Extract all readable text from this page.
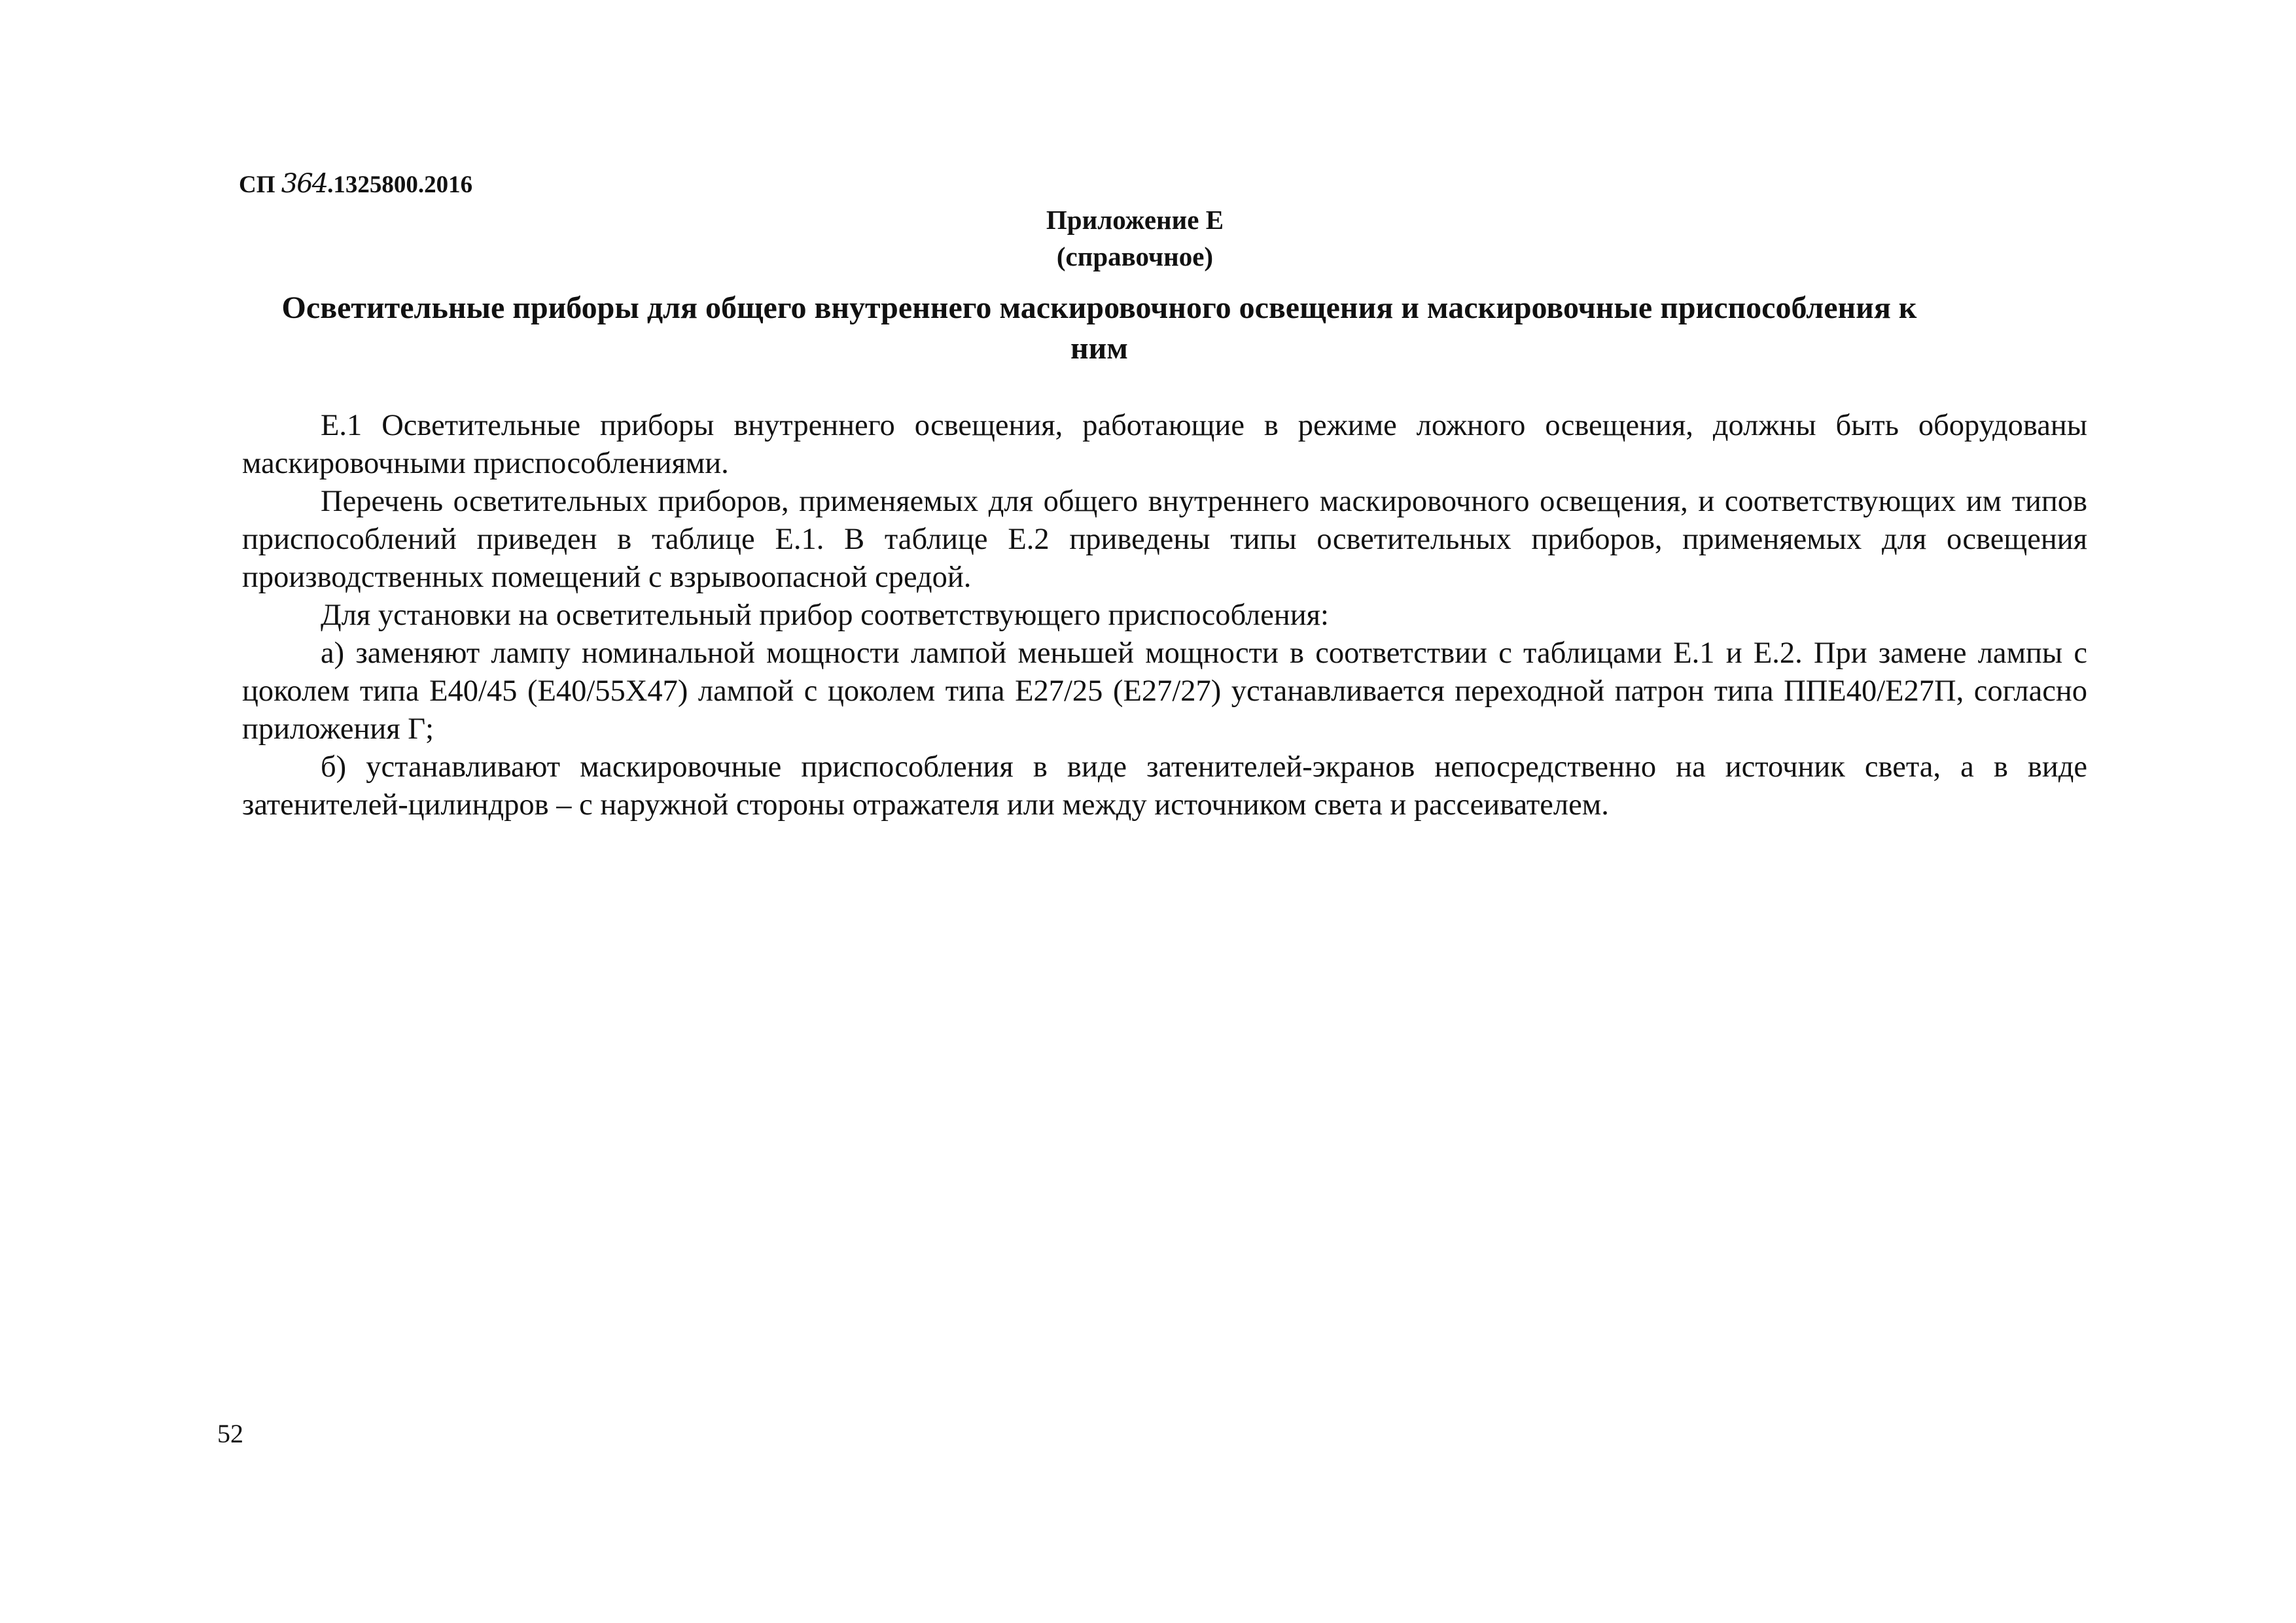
СП 364.1325800.2016
Приложение Е
(справочное)
Осветительные приборы для общего внутреннего маскировочного освещения и маскировочные приспособления к ним

Е.1 Осветительные приборы внутреннего освещения, работающие в режиме ложного освещения, должны быть оборудованы маскировочными приспособлениями.

Перечень осветительных приборов, применяемых для общего внутреннего маскировочного освещения, и соответствующих им типов приспособлений приведен в таблице Е.1. В таблице Е.2 приведены типы осветительных приборов, применяемых для освещения производственных помещений с взрывоопасной средой.

Для установки на осветительный прибор соответствующего приспособления:

а) заменяют лампу номинальной мощности лампой меньшей мощности в соответствии с таблицами Е.1 и Е.2. При замене лампы с цоколем типа Е40/45 (Е40/55Х47) лампой с цоколем типа Е27/25 (Е27/27) устанавливается переходной патрон типа ППЕ40/Е27П, согласно приложения Г;

б) устанавливают маскировочные приспособления в виде затенителей-экранов непосредственно на источник света, а в виде затенителей-цилиндров – с наружной стороны отражателя или между источником света и рассеивателем.

52
